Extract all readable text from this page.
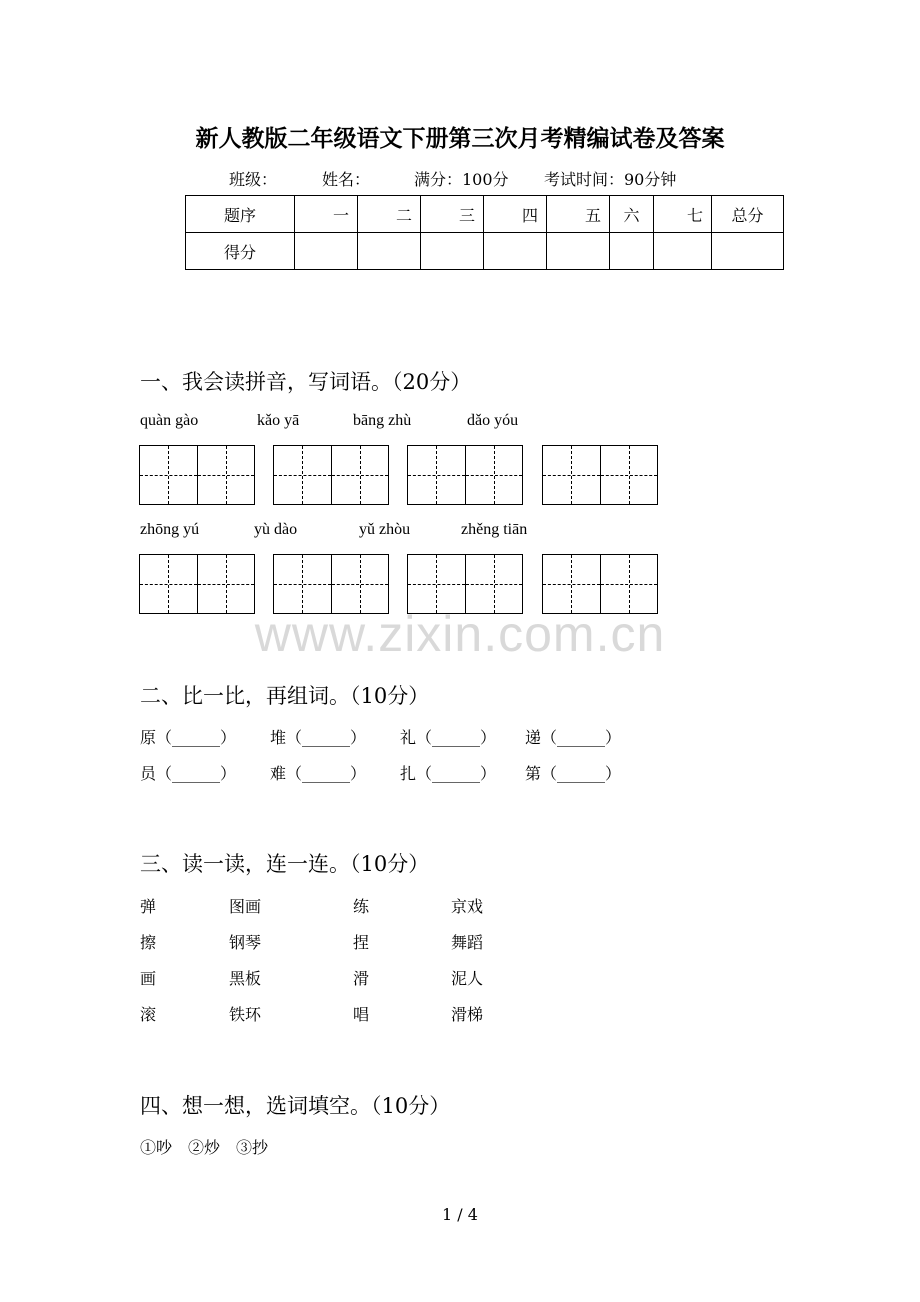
新人教版二年级语文下册第三次月考精编试卷及答案
班级：	姓名：	满分：100分 考试时间：90分钟
题序	一	二	三	四	五	六	七	总分
得分								
一、我会读拼音，写词语。（20分）
quàn gào	kǎo yā	bāng zhù	dǎo yóu
zhōng yú	yù dào	yǔ zhòu	zhěng tiān
www.zixin.com.cn
二、比一比，再组词。（10分）
原（______） 堆（______） 礼（______） 递（______）
员（______） 难（______） 扎（______） 第（______）
三、读一读，连一连。（10分）
弹	图画	练	京戏
擦	钢琴	捏	舞蹈
画	黑板	滑	泥人
滚	铁环	唱	滑梯
四、想一想，选词填空。（10分）
①吵　②炒　③抄
1 / 4
